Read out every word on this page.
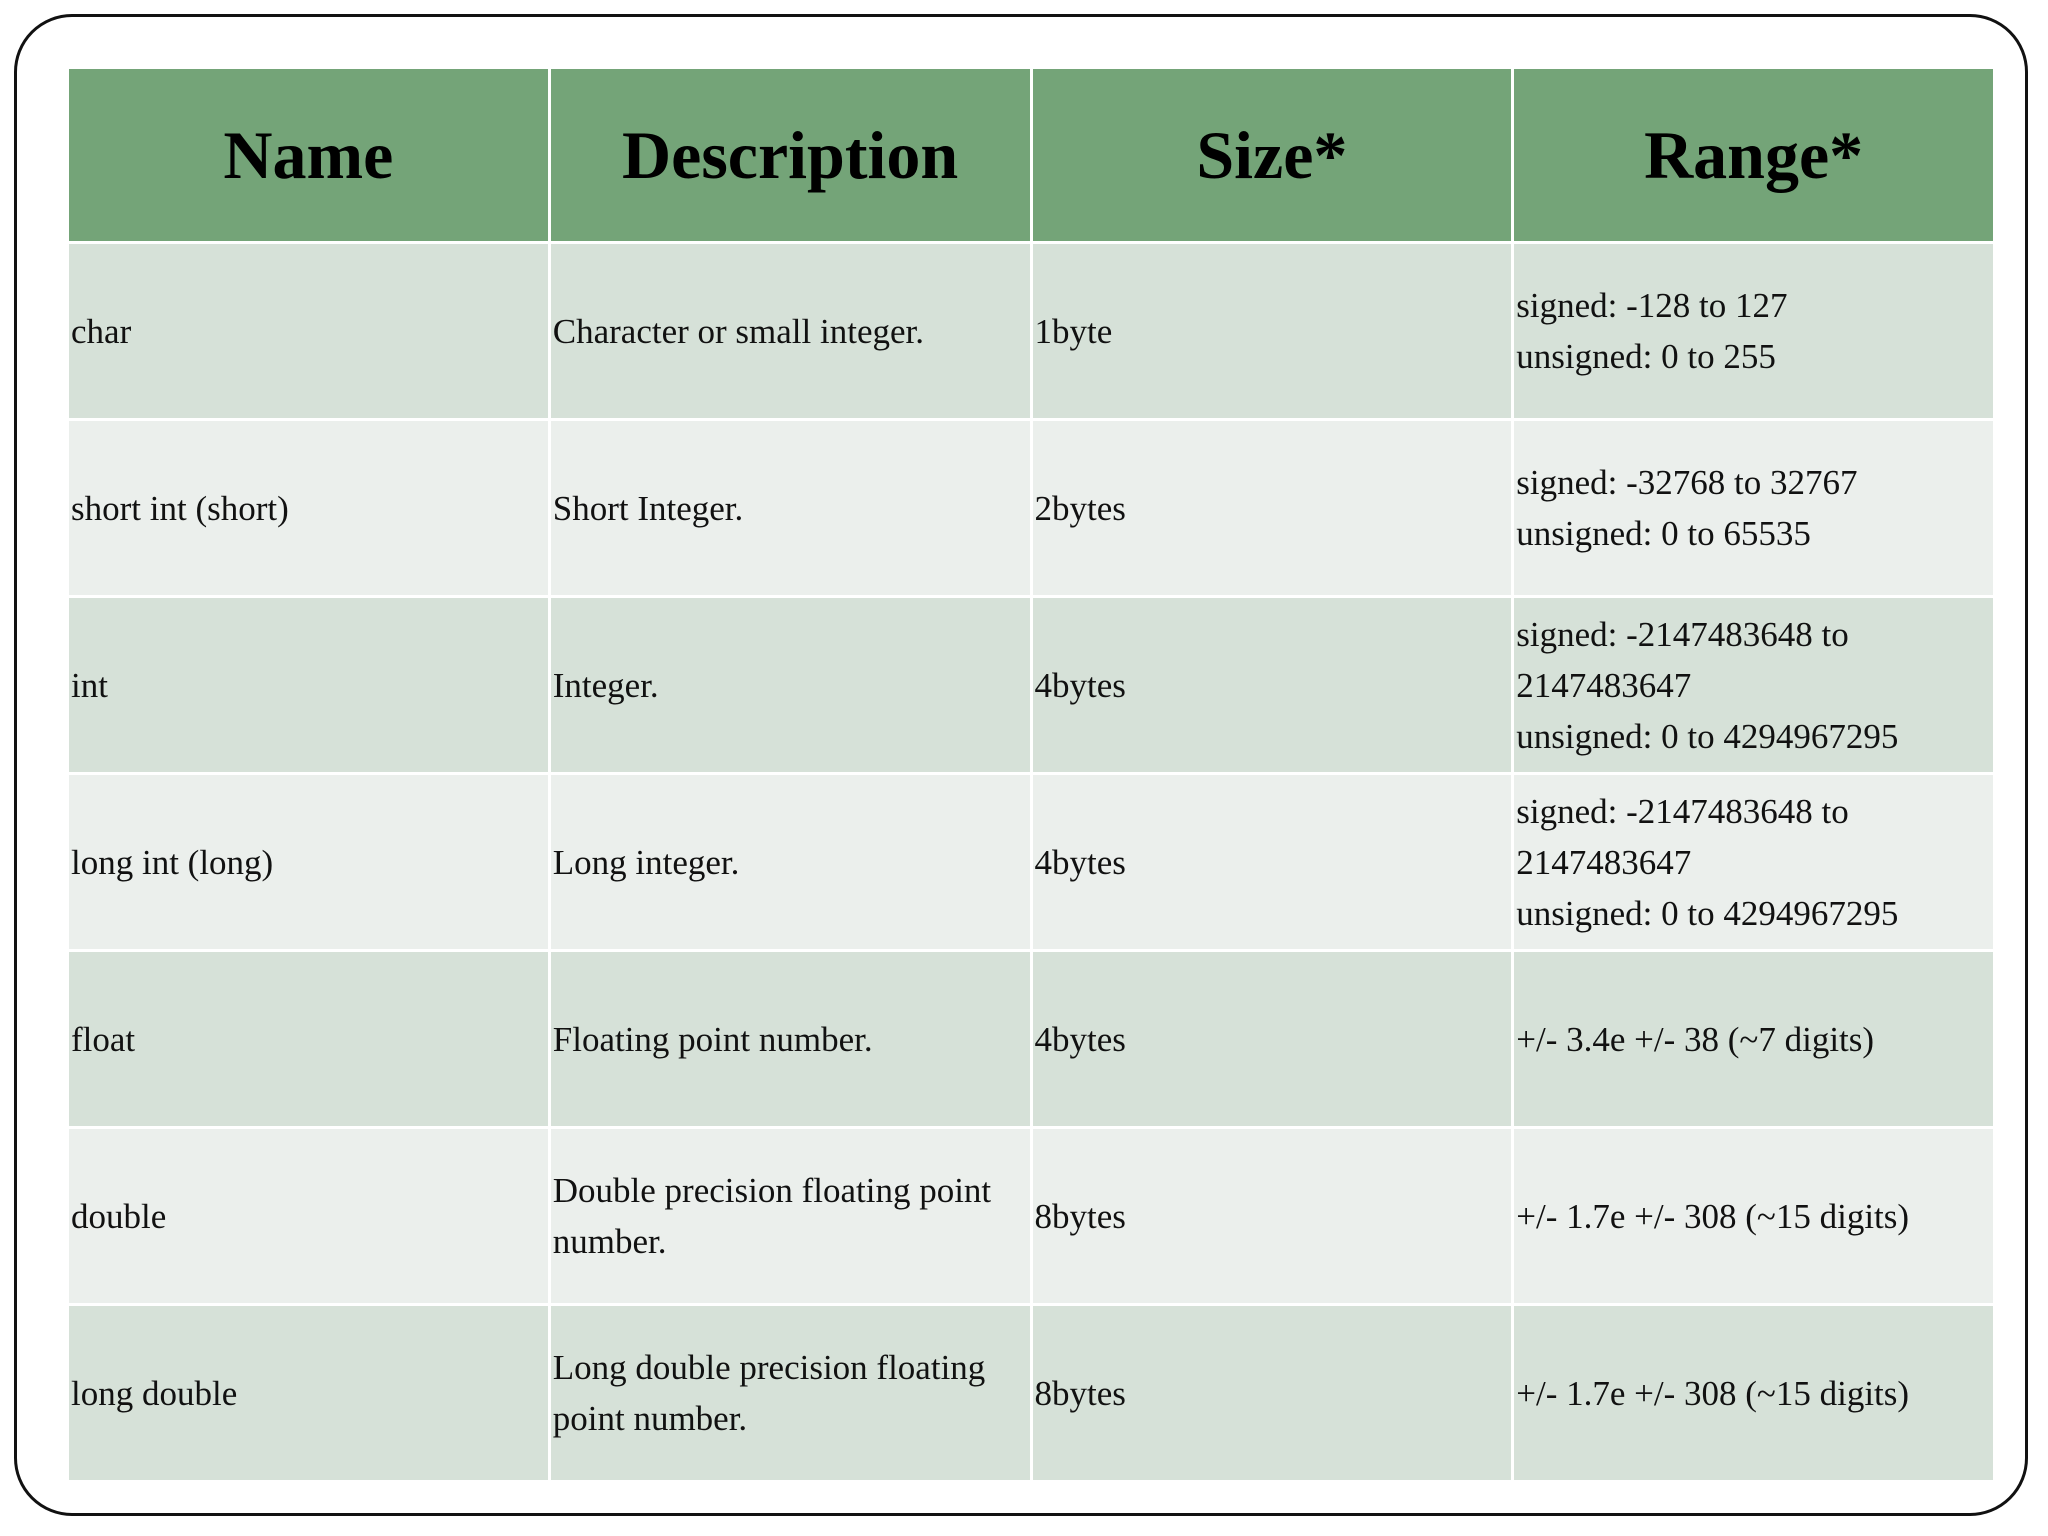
Name	Description	Size*	Range*
char	Character or small integer.	1byte	signed: -128 to 127
unsigned: 0 to 255

short int (short)	Short Integer.	2bytes	signed: -32768 to 32767
unsigned: 0 to 65535

int	Integer.	4bytes	signed: -2147483648 to
2147483647
unsigned: 0 to 4294967295

long int (long)	Long integer.	4bytes	signed: -2147483648 to
2147483647
unsigned: 0 to 4294967295

float	Floating point number.	4bytes	+/- 3.4e +/- 38 (~7 digits)

double	Double precision floating point number.	8bytes	+/- 1.7e +/- 308 (~15 digits)

long double	Long double precision floating point number.	8bytes	+/- 1.7e +/- 308 (~15 digits)
